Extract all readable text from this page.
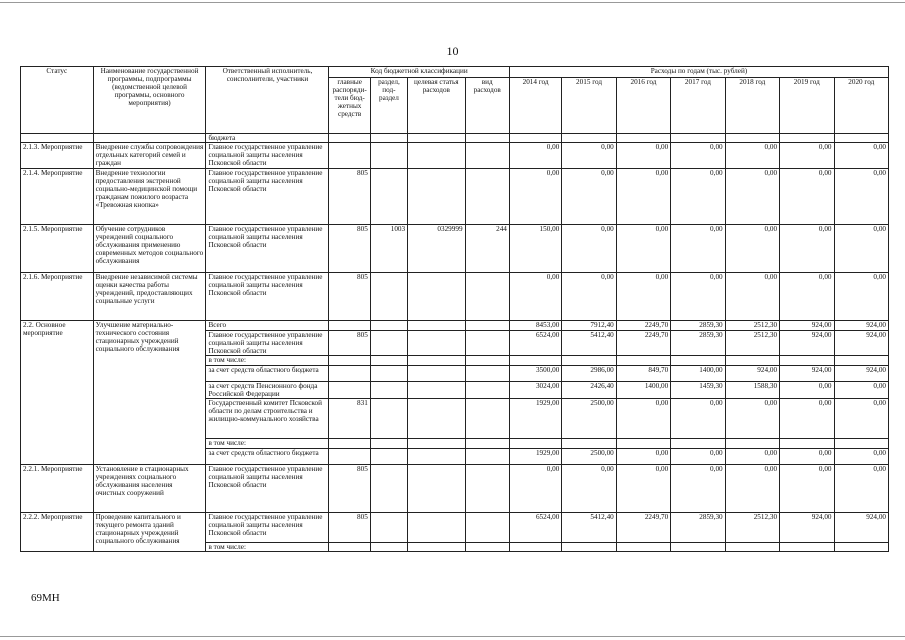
10
Статус	Наименование государственной программы, подпрограммы (ведомственной целевой программы, основного мероприятия)	Ответственный исполнитель, соисполнители, участники	Код бюджетной классификации				Расходы по годам (тыс. рублей)						
			главные распоряди-тели бюд-жетных средств	раздел, под-раздел	целевая статья расходов	вид расходов	2014 год	2015 год	2016 год	2017 год	2018 год	2019 год	2020 год
		бюджета											
2.1.3. Мероприятие	Внедрение службы сопровождения отдельных категорий семей и граждан	Главное государственное управление социальной защиты населения Псковской области					0,00	0,00	0,00	0,00	0,00	0,00	0,00
2.1.4. Мероприятие	Внедрение технологии предоставления экстренной социально-медицинской помощи гражданам пожилого возраста «Тревожная кнопка»	Главное государственное управление социальной защиты населения Псковской области	805				0,00	0,00	0,00	0,00	0,00	0,00	0,00
2.1.5. Мероприятие	Обучение сотрудников учреждений социального обслуживания применению современных методов социального обслуживания	Главное государственное управление социальной защиты населения Псковской области	805	1003	0329999	244	150,00	0,00	0,00	0,00	0,00	0,00	0,00
2.1.6. Мероприятие	Внедрение независимой системы оценки качества работы учреждений, предоставляющих социальные услуги	Главное государственное управление социальной защиты населения Псковской области	805				0,00	0,00	0,00	0,00	0,00	0,00	0,00
2.2. Основное мероприятие	Улучшение материально-технического состояния стационарных учреждений социального обслуживания	Всего					8453,00	7912,40	2249,70	2859,30	2512,30	924,00	924,00
		Главное государственное управление социальной защиты населения Псковской области	805				6524,00	5412,40	2249,70	2859,30	2512,30	924,00	924,00
		в том числе:											
		за счет средств областного бюджета					3500,00	2986,00	849,70	1400,00	924,00	924,00	924,00
		за счет средств Пенсионного фонда Российской Федерации					3024,00	2426,40	1400,00	1459,30	1588,30	0,00	0,00
		Государственный комитет Псковской области по делам строительства и жилищно-коммунального хозяйства	831				1929,00	2500,00	0,00	0,00	0,00	0,00	0,00
		в том числе:											
		за счет средств областного бюджета					1929,00	2500,00	0,00	0,00	0,00	0,00	0,00
2.2.1. Мероприятие	Установление в стационарных учреждениях социального обслуживания населения очистных сооружений	Главное государственное управление социальной защиты населения Псковской области	805				0,00	0,00	0,00	0,00	0,00	0,00	0,00
2.2.2. Мероприятие	Проведение капитального и текущего ремонта зданий стационарных учреждений социального обслуживания	Главное государственное управление социальной защиты населения Псковской области	805				6524,00	5412,40	2249,70	2859,30	2512,30	924,00	924,00
		в том числе:											
69МН
